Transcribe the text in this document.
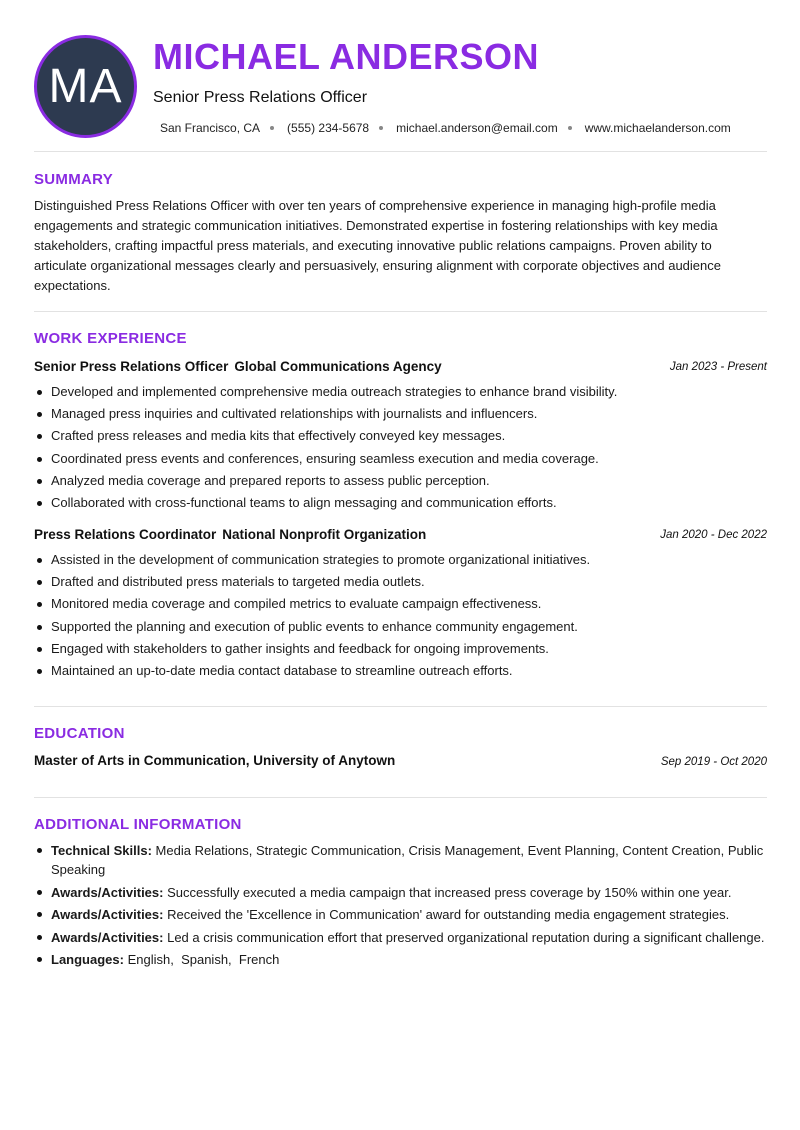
MA
MICHAEL ANDERSON
Senior Press Relations Officer
San Francisco, CA (555) 234-5678 michael.anderson@email.com www.michaelanderson.com
SUMMARY

Distinguished Press Relations Officer with over ten years of comprehensive experience in managing high-profile media engagements and strategic communication initiatives. Demonstrated expertise in fostering relationships with key media stakeholders, crafting impactful press materials, and executing innovative public relations campaigns. Proven ability to articulate organizational messages clearly and persuasively, ensuring alignment with corporate objectives and audience expectations.

WORK EXPERIENCE
Senior Press Relations Officer Global Communications Agency	Jan 2023 - Present
Developed and implemented comprehensive media outreach strategies to enhance brand visibility.
Managed press inquiries and cultivated relationships with journalists and influencers.
Crafted press releases and media kits that effectively conveyed key messages.
Coordinated press events and conferences, ensuring seamless execution and media coverage.
Analyzed media coverage and prepared reports to assess public perception.
Collaborated with cross-functional teams to align messaging and communication efforts.
Press Relations Coordinator National Nonprofit Organization	Jan 2020 - Dec 2022
Assisted in the development of communication strategies to promote organizational initiatives.
Drafted and distributed press materials to targeted media outlets.
Monitored media coverage and compiled metrics to evaluate campaign effectiveness.
Supported the planning and execution of public events to enhance community engagement.
Engaged with stakeholders to gather insights and feedback for ongoing improvements.
Maintained an up-to-date media contact database to streamline outreach efforts.
EDUCATION
Master of Arts in Communication, University of Anytown	Sep 2019 - Oct 2020
ADDITIONAL INFORMATION
Technical Skills: Media Relations, Strategic Communication, Crisis Management, Event Planning, Content Creation, Public Speaking
Awards/Activities: Successfully executed a media campaign that increased press coverage by 150% within one year.
Awards/Activities: Received the 'Excellence in Communication' award for outstanding media engagement strategies.
Awards/Activities: Led a crisis communication effort that preserved organizational reputation during a significant challenge.
Languages: English,  Spanish,  French
